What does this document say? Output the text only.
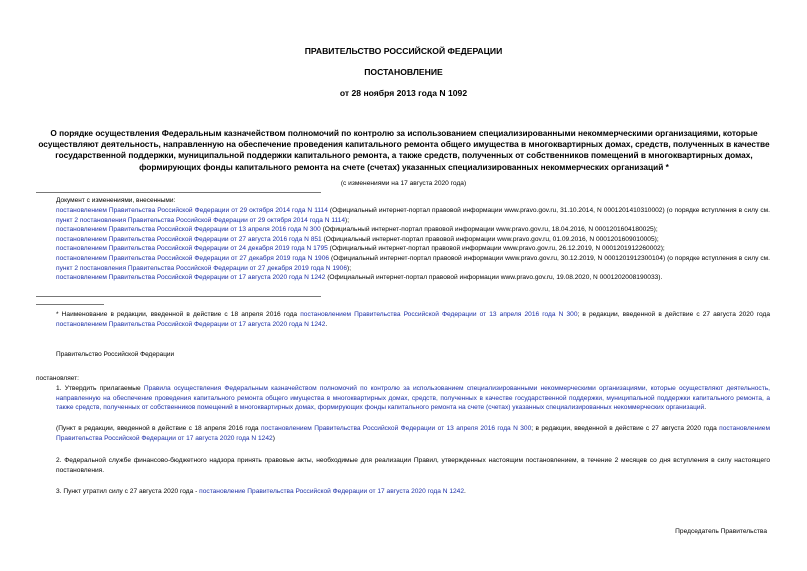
ПРАВИТЕЛЬСТВО РОССИЙСКОЙ ФЕДЕРАЦИИ
ПОСТАНОВЛЕНИЕ
от 28 ноября 2013 года N 1092
О порядке осуществления Федеральным казначейством полномочий по контролю за использованием специализированными некоммерческими организациями, которые осуществляют деятельность, направленную на обеспечение проведения капитального ремонта общего имущества в многоквартирных домах, средств, полученных в качестве государственной поддержки, муниципальной поддержки капитального ремонта, а также средств, полученных от собственников помещений в многоквартирных домах, формирующих фонды капитального ремонта на счете (счетах) указанных специализированных некоммерческих организаций *
(с изменениями на 17 августа 2020 года)
Документ с изменениями, внесенными:
постановлением Правительства Российской Федерации от 29 октября 2014 года N 1114 (Официальный интернет-портал правовой информации www.pravo.gov.ru, 31.10.2014, N 0001201410310002) (о порядке вступления в силу см. пункт 2 постановления Правительства Российской Федерации от 29 октября 2014 года N 1114);
постановлением Правительства Российской Федерации от 13 апреля 2016 года N 300 (Официальный интернет-портал правовой информации www.pravo.gov.ru, 18.04.2016, N 0001201604180025);
постановлением Правительства Российской Федерации от 27 августа 2016 года N 851 (Официальный интернет-портал правовой информации www.pravo.gov.ru, 01.09.2016, N 0001201609010005);
постановлением Правительства Российской Федерации от 24 декабря 2019 года N 1795 (Официальный интернет-портал правовой информации www.pravo.gov.ru, 26.12.2019, N 0001201912260002);
постановлением Правительства Российской Федерации от 27 декабря 2019 года N 1906 (Официальный интернет-портал правовой информации www.pravo.gov.ru, 30.12.2019, N 0001201912300104) (о порядке вступления в силу см. пункт 2 постановления Правительства Российской Федерации от 27 декабря 2019 года N 1906);
постановлением Правительства Российской Федерации от 17 августа 2020 года N 1242 (Официальный интернет-портал правовой информации www.pravo.gov.ru, 19.08.2020, N 0001202008190033).
* Наименование в редакции, введенной в действие с 18 апреля 2016 года постановлением Правительства Российской Федерации от 13 апреля 2016 года N 300; в редакции, введенной в действие с 27 августа 2020 года постановлением Правительства Российской Федерации от 17 августа 2020 года N 1242.
Правительство Российской Федерации
постановляет:
1. Утвердить прилагаемые Правила осуществления Федеральным казначейством полномочий по контролю за использованием специализированными некоммерческими организациями, которые осуществляют деятельность, направленную на обеспечение проведения капитального ремонта общего имущества в многоквартирных домах, средств, полученных в качестве государственной поддержки, муниципальной поддержки капитального ремонта, а также средств, полученных от собственников помещений в многоквартирных домах, формирующих фонды капитального ремонта на счете (счетах) указанных специализированных некоммерческих организаций.
(Пункт в редакции, введенной в действие с 18 апреля 2016 года постановлением Правительства Российской Федерации от 13 апреля 2016 года N 300; в редакции, введенной в действие с 27 августа 2020 года постановлением Правительства Российской Федерации от 17 августа 2020 года N 1242)
2. Федеральной службе финансово-бюджетного надзора принять правовые акты, необходимые для реализации Правил, утвержденных настоящим постановлением, в течение 2 месяцев со дня вступления в силу настоящего постановления.
3. Пункт утратил силу с 27 августа 2020 года - постановление Правительства Российской Федерации от 17 августа 2020 года N 1242.
Председатель Правительства
